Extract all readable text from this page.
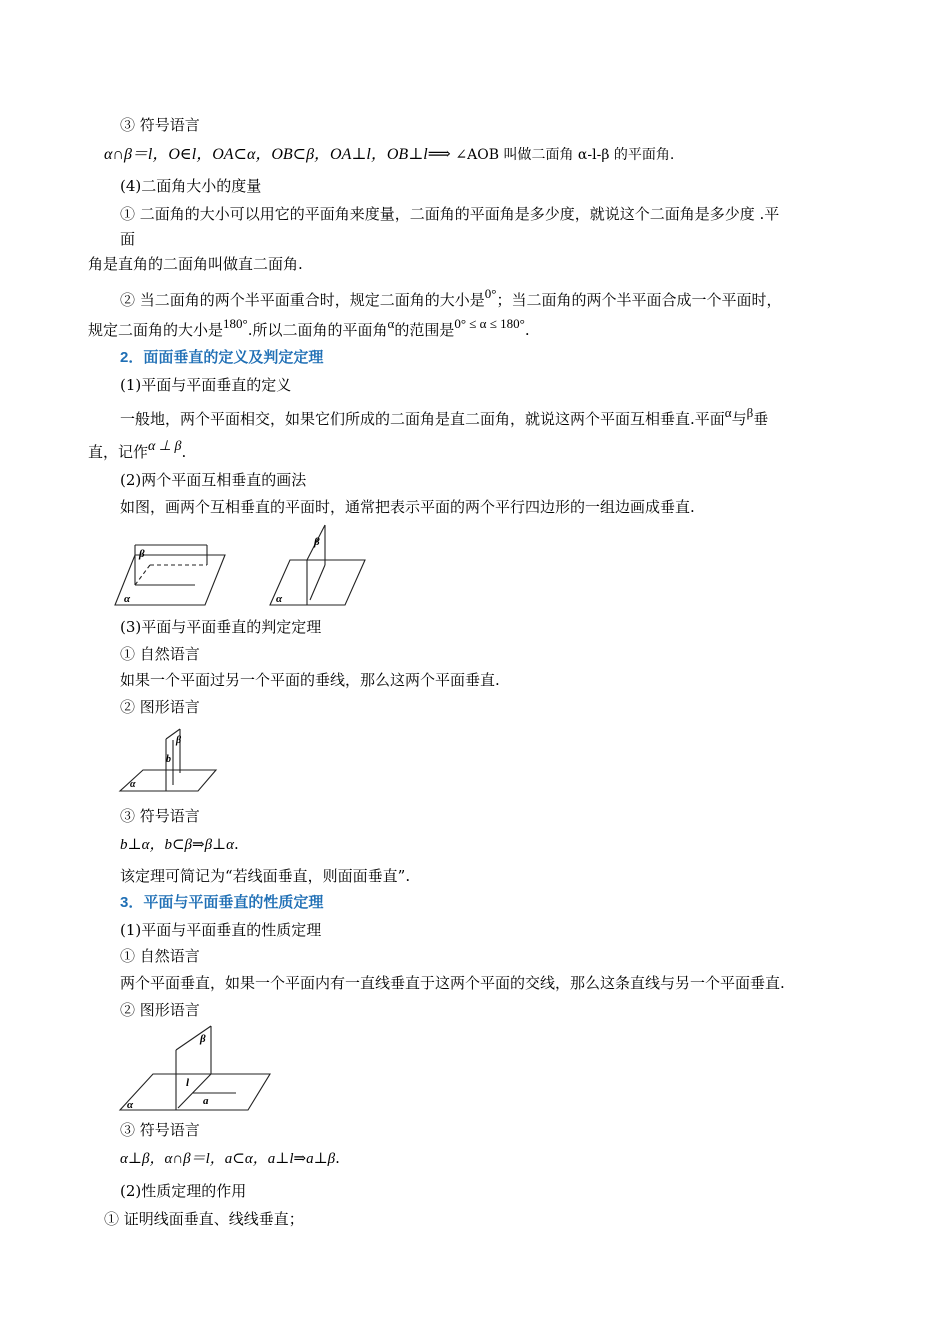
③ 符号语言
α∩β＝l，O∈l，OA⊂α，OB⊂β，OA⊥l，OB⊥l⟹ ∠AOB 叫做二面角 α-l-β 的平面角.
(4)二面角大小的度量
① 二面角的大小可以用它的平面角来度量，二面角的平面角是多少度，就说这个二面角是多少度 .平
面
角是直角的二面角叫做直二面角.
② 当二面角的两个半平面重合时，规定二面角的大小是0°；当二面角的两个半平面合成一个平面时，
规定二面角的大小是180°.所以二面角的平面角α的范围是0° ≤ α ≤ 180°.
2．面面垂直的定义及判定定理
(1)平面与平面垂直的定义
一般地，两个平面相交，如果它们所成的二面角是直二面角，就说这两个平面互相垂直.平面α与β垂
直，记作α ⊥ β.
(2)两个平面互相垂直的画法
如图，画两个互相垂直的平面时，通常把表示平面的两个平行四边形的一组边画成垂直.
β
α
β
α
(3)平面与平面垂直的判定定理
① 自然语言
如果一个平面过另一个平面的垂线，那么这两个平面垂直.
② 图形语言
β
b
α
③ 符号语言
b⊥α，b⊂β⇒β⊥α.
该定理可简记为“若线面垂直，则面面垂直”.
3．平面与平面垂直的性质定理
(1)平面与平面垂直的性质定理
① 自然语言
两个平面垂直，如果一个平面内有一直线垂直于这两个平面的交线，那么这条直线与另一个平面垂直.
② 图形语言
β
l
a
α
③ 符号语言
α⊥β，α∩β＝l，a⊂α，a⊥l⇒a⊥β.
(2)性质定理的作用
① 证明线面垂直、线线垂直；
